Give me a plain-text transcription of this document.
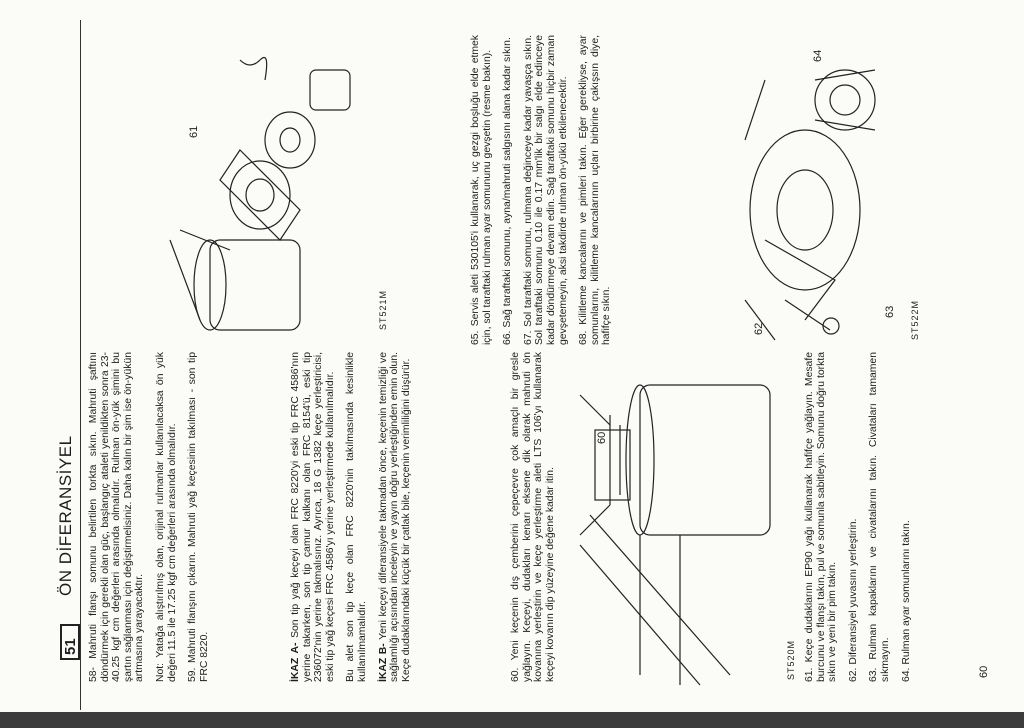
51
ÖN DİFERANSİYEL 58- Mahruti flanşı somunu belirtilen torkta sıkın. Mahruti şaftını döndürmek için gerekli olan güç, başlangıç ataleti yenildikten sonra 23-40.25 kgf cm değerleri arasında olmalıdır. Rulman ön-yük şimini bu şartın sağlanması için değiştirmelisiniz. Daha kalın bir şim ise ön-yükün artmasına yarayacaktır. Not: Yatağa alıştırılmış olan, orijinal rulmanlar kullanılacaksa ön yük değeri 11.5 ile 17.25 kgf cm değerleri arasında olmalıdır. 59. Mahruti flanşını çıkarın. Mahruti yağ keçesinin takılması - son tip FRC 8220.	İKAZ A- Son tip yağ keçeyi olan FRC 8220'yi eski tip FRC 4586'nın yerine takarken, son tip çamur kalkanı olan FRC 8154'ü, eski tip 236072'nin yerine takmalısınız. Ayrıca, 18 G 1382 keçe yerleştiricisi, eski tip yağ keçesi FRC 4586'yı yerine yerleştirmede kullanılmalıdır. Bu alet son tip keçe olan FRC 8220'nin takılmasında kesinlikle kullanılmamalıdır. İKAZ B- Yeni keçeyi diferansiyele takmadan önce, keçenin temizliği ve sağlamlığı açısından inceleyin ve yayın doğru yerleştiğinden emin olun. Keçe dudaklarındaki küçük bir çatlak bile, keçenin verimliliğini düşürür.	60. Yeni keçenin dış çemberini çepeçevre çok amaçlı bir gresle yağlayın. Keçeyi, dudakları kenarı eksene dik olarak mahruti ön kovanına yerleştirin ve keçe yerleştirme aleti LTS 106'yı kullanarak keçeyi kovanın dip yüzeyine değene kadar itin.

60
ST520M 61. Keçe dudaklarını EP90 yağı kullanarak hafifçe yağlayın. Mesafe burcunu ve flanşı takın, pul ve somunla sabitleyin. Somunu doğru torkta sıkın ve yeni bir pim takın. 62. Diferansiyel yuvasını yerleştirin. 63. Rulman kapaklarını ve civatalarını takın. Civataları tamamen sıkmayın. 64. Rulman ayar somunlarını takın.

61
ST521M	65. Servis aleti 530105'i kullanarak, uç gezgi boşluğu elde etmek için, sol taraftaki rulman ayar somununu gevşetin (resme bakın). 66. Sağ taraftaki somunu, ayna/mahruti salgısını alana kadar sıkın. 67. Sol taraftaki somunu, rulmana değinceye kadar yavaşça sıkın. Sol taraftaki somunu 0.10 ile 0.17 mm'lik bir salgı elde edinceye kadar döndürmeye devam edin. Sağ taraftaki somunu hiçbir zaman gevşetemeyin, aksi takdirde rulman ön-yükü etkilenecektir. 68. Kilitleme kancalarını ve pimleri takın. Eğer gerekliyse, ayar somunlarını, kilitleme kancalarının uçları birbirine çakışsın diye, hafifçe sıkın.

64
62
63 ST522M
60
